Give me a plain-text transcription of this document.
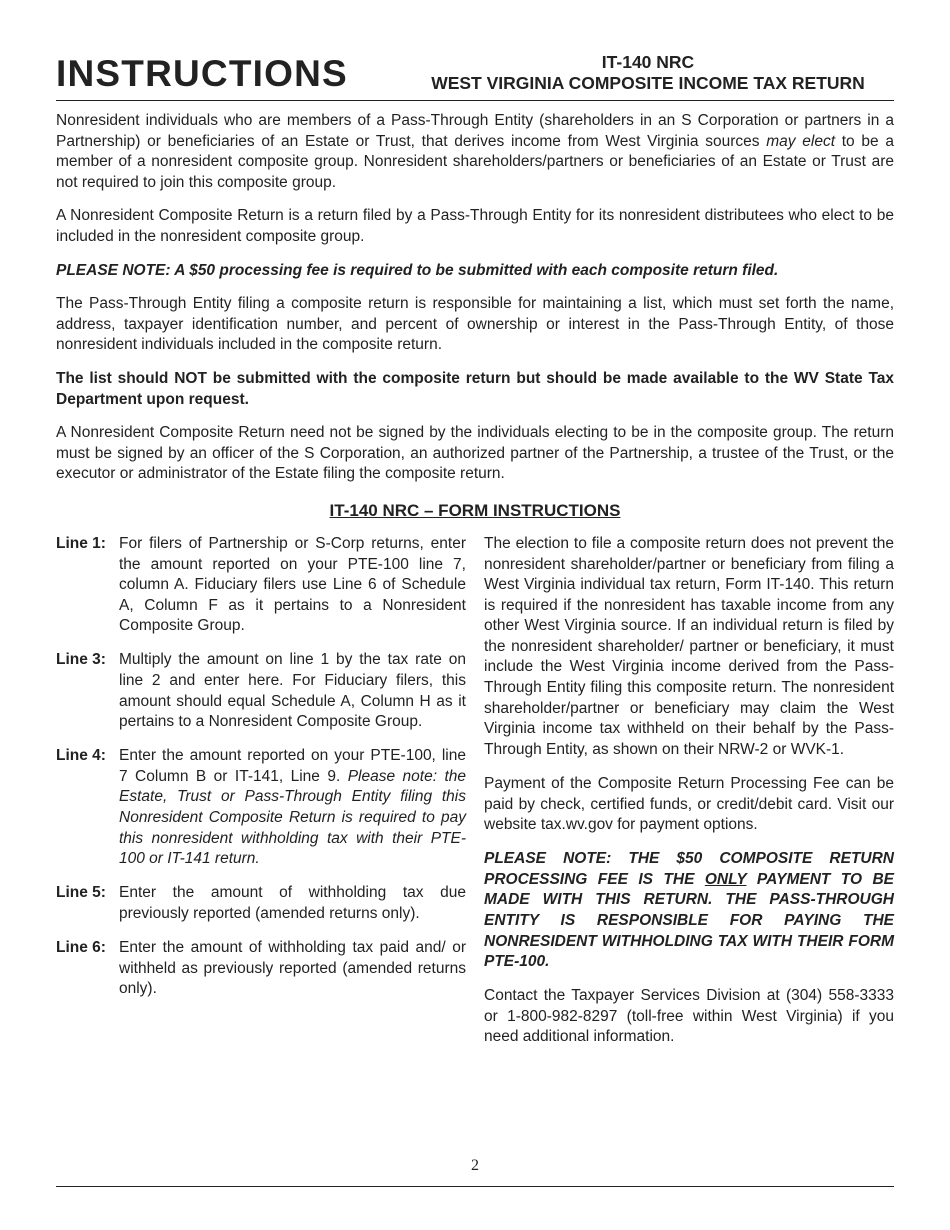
INSTRUCTIONS	IT-140 NRC
WEST VIRGINIA COMPOSITE INCOME TAX RETURN

Nonresident individuals who are members of a Pass-Through Entity (shareholders in an S Corporation or partners in a Partnership) or beneficiaries of an Estate or Trust, that derives income from West Virginia sources may elect to be a member of a nonresident composite group. Nonresident shareholders/partners or beneficiaries of an Estate or Trust are not required to join this composite group.

A Nonresident Composite Return is a return filed by a Pass-Through Entity for its nonresident distributees who elect to be included in the nonresident composite group.

PLEASE NOTE: A $50 processing fee is required to be submitted with each composite return filed.

The Pass-Through Entity filing a composite return is responsible for maintaining a list, which must set forth the name, address, taxpayer identification number, and percent of ownership or interest in the Pass-Through Entity, of those nonresident individuals included in the composite return.

The list should NOT be submitted with the composite return but should be made available to the WV State Tax Department upon request.

A Nonresident Composite Return need not be signed by the individuals electing to be in the composite group. The return must be signed by an officer of the S Corporation, an authorized partner of the Partnership, a trustee of the Trust, or the executor or administrator of the Estate filing the composite return.

IT-140 NRC – FORM INSTRUCTIONS
Line 1: For filers of Partnership or S-Corp returns, enter the amount reported on your PTE-100 line 7, column A. Fiduciary filers use Line 6 of Schedule A, Column F as it pertains to a Nonresident Composite Group.

Line 3: Multiply the amount on line 1 by the tax rate on line 2 and enter here. For Fiduciary filers, this amount should equal Schedule A, Column H as it pertains to a Nonresident Composite Group.

Line 4: Enter the amount reported on your PTE-100, line 7 Column B or IT-141, Line 9. Please note: the Estate, Trust or Pass-Through Entity filing this Nonresident Composite Return is required to pay this nonresident withholding tax with their PTE-100 or IT-141 return.

Line 5: Enter the amount of withholding tax due previously reported (amended returns only).

Line 6: Enter the amount of withholding tax paid and/ or withheld as previously reported (amended returns only).

The election to file a composite return does not prevent the nonresident shareholder/partner or beneficiary from filing a West Virginia individual tax return, Form IT-140. This return is required if the nonresident has taxable income from any other West Virginia source. If an individual return is filed by the nonresident shareholder/ partner or beneficiary, it must include the West Virginia income derived from the Pass-Through Entity filing this composite return. The nonresident shareholder/partner or beneficiary may claim the West Virginia income tax withheld on their behalf by the Pass-Through Entity, as shown on their NRW-2 or WVK-1.

Payment of the Composite Return Processing Fee can be paid by check, certified funds, or credit/debit card. Visit our website tax.wv.gov for payment options.

PLEASE NOTE: THE $50 COMPOSITE RETURN PROCESSING FEE IS THE ONLY PAYMENT TO BE MADE WITH THIS RETURN. THE PASS-THROUGH ENTITY IS RESPONSIBLE FOR PAYING THE NONRESIDENT WITHHOLDING TAX WITH THEIR FORM PTE-100.

Contact the Taxpayer Services Division at (304) 558-3333 or 1-800-982-8297 (toll-free within West Virginia) if you need additional information.

2
